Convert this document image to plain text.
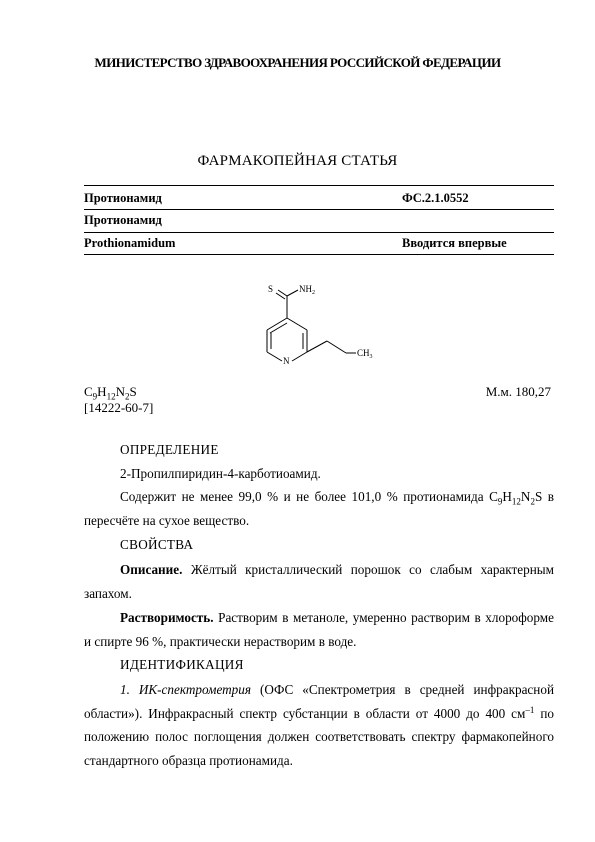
МИНИСТЕРСТВО ЗДРАВООХРАНЕНИЯ РОССИЙСКОЙ ФЕДЕРАЦИИ
ФАРМАКОПЕЙНАЯ СТАТЬЯ
Протионамид	ФС.2.1.0552
Протионамид
Prothionamidum	Вводится впервые
S	$NH_2$
N
$CH_3$
$C_9H_{12}N_2S$	М.м. 180,27
[14222-60-7]
ОПРЕДЕЛЕНИЕ
2-Пропилпиридин-4-карботиоамид.
Содержит не менее 99,0 % и не более 101,0 % протионамида $C_9H_{12}N_2S$ в
пересчёте на сухое вещество.
СВОЙСТВА
Описание. Жёлтый кристаллический порошок со слабым характерным запахом.
Растворимость. Растворим в метаноле, умеренно растворим в хлороформе и спирте 96 %, практически нерастворим в воде.
ИДЕНТИФИКАЦИЯ
1. ИК-спектрометрия (ОФС «Спектрометрия в средней инфракрасной области»). Инфракрасный спектр субстанции в области от 4000 до 400 $см^{-1}$ по положению полос поглощения должен соответствовать спектру фармакопейного стандартного образца протионамида.
